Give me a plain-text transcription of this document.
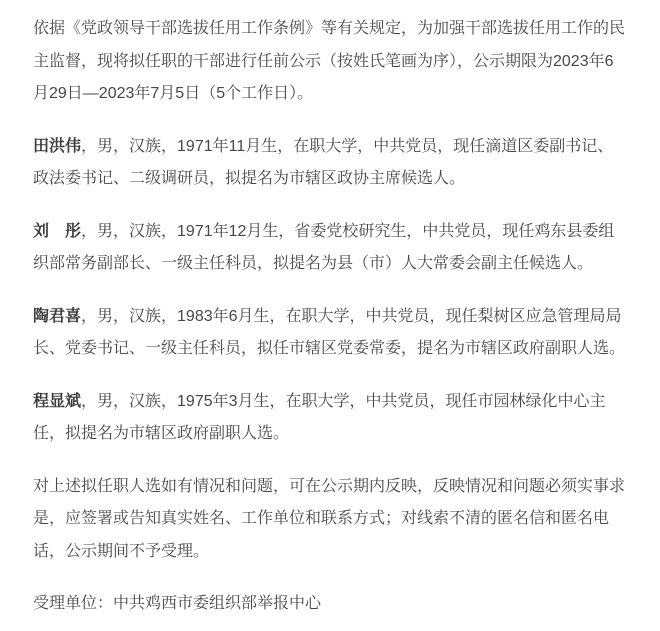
依据《党政领导干部选拔任用工作条例》等有关规定，为加强干部选拔任用工作的民主监督，现将拟任职的干部进行任前公示（按姓氏笔画为序），公示期限为2023年6月29日—2023年7月5日（5个工作日）。

田洪伟，男，汉族，1971年11月生，在职大学，中共党员，现任滴道区委副书记、政法委书记、二级调研员，拟提名为市辖区政协主席候选人。

刘　彤，男，汉族，1971年12月生，省委党校研究生，中共党员，现任鸡东县委组织部常务副部长、一级主任科员，拟提名为县（市）人大常委会副主任候选人。

陶君喜，男，汉族，1983年6月生，在职大学，中共党员，现任梨树区应急管理局局长、党委书记、一级主任科员，拟任市辖区党委常委，提名为市辖区政府副职人选。

程显斌，男，汉族，1975年3月生，在职大学，中共党员，现任市园林绿化中心主任，拟提名为市辖区政府副职人选。

对上述拟任职人选如有情况和问题，可在公示期内反映，反映情况和问题必须实事求是，应签署或告知真实姓名、工作单位和联系方式；对线索不清的匿名信和匿名电话，公示期间不予受理。

受理单位：中共鸡西市委组织部举报中心
